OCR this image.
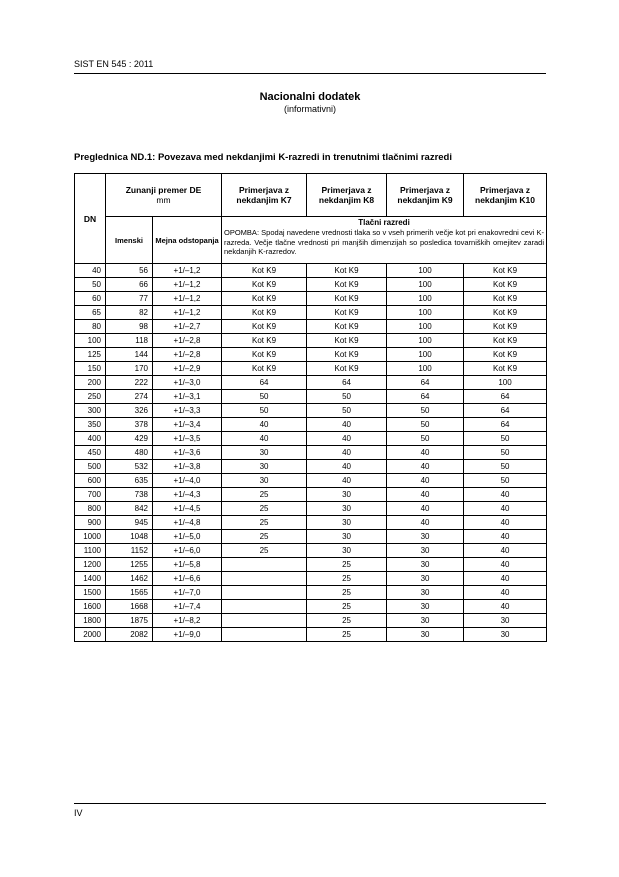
SIST EN 545 : 2011
Nacionalni dodatek
(informativni)
Preglednica ND.1: Povezava med nekdanjimi K-razredi in trenutnimi tlačnimi razredi
DN	Zunanji premer DE
mm		Primerjava z nekdanjim K7	Primerjava z nekdanjim K8	Primerjava z nekdanjim K9	Primerjava z nekdanjim K10
	Imenski	Mejna odstopanja	Tlačni razredi
OPOMBA: Spodaj navedene vrednosti tlaka so v vseh primerih večje kot pri enakovredni cevi K-razreda. Večje tlačne vrednosti pri manjših dimenzijah so posledica tovarniških omejitev zaradi nekdanjih K-razredov.			

40	56	+1/–1,2	Kot K9	Kot K9	100	Kot K9
50	66	+1/–1,2	Kot K9	Kot K9	100	Kot K9
60	77	+1/–1,2	Kot K9	Kot K9	100	Kot K9
65	82	+1/–1,2	Kot K9	Kot K9	100	Kot K9
80	98	+1/–2,7	Kot K9	Kot K9	100	Kot K9
100	118	+1/–2,8	Kot K9	Kot K9	100	Kot K9
125	144	+1/–2,8	Kot K9	Kot K9	100	Kot K9
150	170	+1/–2,9	Kot K9	Kot K9	100	Kot K9
200	222	+1/–3,0	64	64	64	100
250	274	+1/–3,1	50	50	64	64
300	326	+1/–3,3	50	50	50	64
350	378	+1/–3,4	40	40	50	64
400	429	+1/–3,5	40	40	50	50
450	480	+1/–3,6	30	40	40	50
500	532	+1/–3,8	30	40	40	50
600	635	+1/–4,0	30	40	40	50
700	738	+1/–4,3	25	30	40	40
800	842	+1/–4,5	25	30	40	40
900	945	+1/–4,8	25	30	40	40
1000	1048	+1/–5,0	25	30	30	40
1100	1152	+1/–6,0	25	30	30	40
1200	1255	+1/–5,8		25	30	40
1400	1462	+1/–6,6		25	30	40
1500	1565	+1/–7,0		25	30	40
1600	1668	+1/–7,4		25	30	40
1800	1875	+1/–8,2		25	30	30
2000	2082	+1/–9,0		25	30	30
IV
